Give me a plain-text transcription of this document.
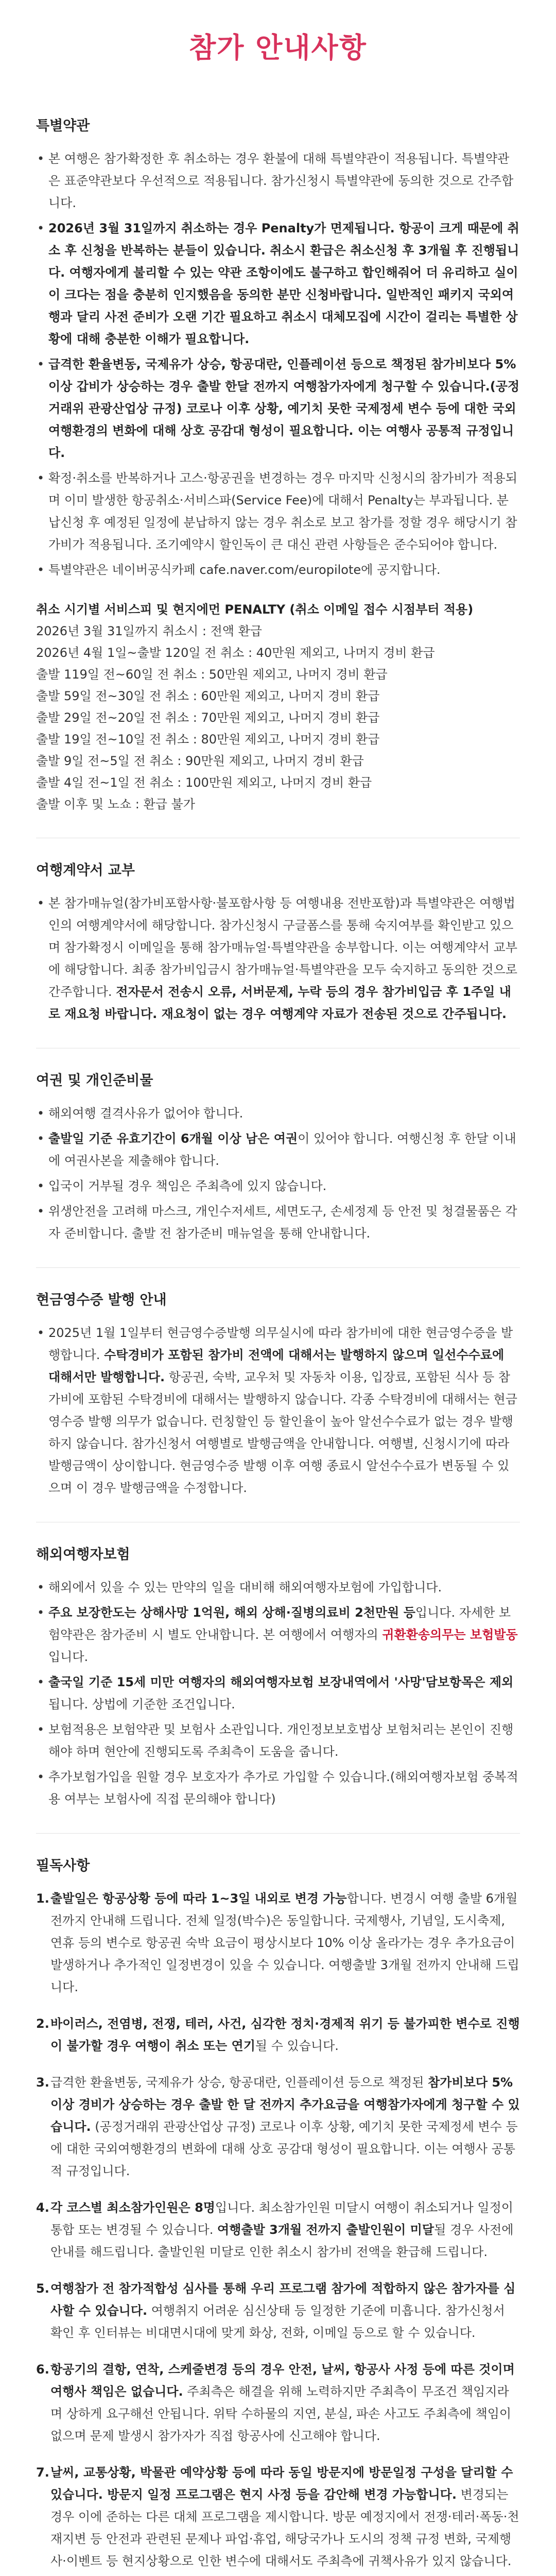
참가 안내사항
특별약관
• 본 여행은 참가확정한 후 취소하는 경우 환불에 대해 특별약관이 적용됩니다. 특별약관은 표준약관보다 우선적으로 적용됩니다. 참가신청시 특별약관에 동의한 것으로 간주합니다.
• 2026년 3월 31일까지 취소하는 경우 Penalty가 면제됩니다. 항공이 크게 때문에 취소 후 신청을 반복하는 분들이 있습니다. 취소시 환급은 취소신청 후 3개월 후 진행됩니다. 여행자에게 불리할 수 있는 약관 조항이에도 불구하고 합인해줘어 더 유리하고 실이이 크다는 점을 충분히 인지했음을 동의한 분만 신청바랍니다. 일반적인 패키지 국외여행과 달리 사전 준비가 오랜 기간 필요하고 취소시 대체모집에 시간이 걸리는 특별한 상황에 대해 충분한 이해가 필요합니다.
• 급격한 환율변동, 국제유가 상승, 항공대란, 인플레이션 등으로 책정된 참가비보다 5% 이상 갑비가 상승하는 경우 출발 한달 전까지 여행참가자에게 청구할 수 있습니다.(공정거래위 관광산업상 규정) 코로나 이후 상황, 예기치 못한 국제정세 변수 등에 대한 국외여행환경의 변화에 대해 상호 공감대 형성이 필요합니다. 이는 여행사 공통적 규정입니다.
• 확정·취소를 반복하거나 고스·항공권을 변경하는 경우 마지막 신청시의 참가비가 적용되며 이미 발생한 항공취소·서비스파(Service Fee)에 대해서 Penalty는 부과됩니다. 분납신청 후 예정된 일정에 분납하지 않는 경우 취소로 보고 참가를 정할 경우 해당시기 참가비가 적용됩니다. 조기예약시 할인독이 큰 대신 관련 사항들은 준수되어야 합니다.
• 특별약관은 네이버공식카페 cafe.naver.com/europilote에 공지합니다.

취소 시기별 서비스피 및 현지에먼 PENALTY (취소 이메일 접수 시점부터 적용)

2026년 3월 31일까지 취소시 : 전액 환급

2026년 4월 1일~출발 120일 전 취소 : 40만원 제외고, 나머지 경비 환급

출발 119일 전~60일 전 취소 : 50만원 제외고, 나머지 경비 환급

출발 59일 전~30일 전 취소 : 60만원 제외고, 나머지 경비 환급

출발 29일 전~20일 전 취소 : 70만원 제외고, 나머지 경비 환급

출발 19일 전~10일 전 취소 : 80만원 제외고, 나머지 경비 환급

출발 9일 전~5일 전 취소 : 90만원 제외고, 나머지 경비 환급

출발 4일 전~1일 전 취소 : 100만원 제외고, 나머지 경비 환급

출발 이후 및 노쇼 : 환급 불가

여행계약서 교부
• 본 참가매뉴얼(참가비포함사항·불포함사항 등 여행내용 전반포함)과 특별약관은 여행법인의 여행계약서에 해당합니다. 참가신청시 구글폼스를 통해 숙지여부를 확인받고 있으며 참가확정시 이메일을 통해 참가매뉴얼·특별약관을 송부합니다. 이는 여행계약서 교부에 해당합니다. 최종 참가비입금시 참가매뉴얼·특별약관을 모두 숙지하고 동의한 것으로 간주합니다. 전자문서 전송시 오류, 서버문제, 누락 등의 경우 참가비입금 후 1주일 내로 재요청 바랍니다. 재요청이 없는 경우 여행계약 자료가 전송된 것으로 간주됩니다.
여권 및 개인준비물
• 해외여행 결격사유가 없어야 합니다.
• 출발일 기준 유효기간이 6개월 이상 남은 여권이 있어야 합니다. 여행신청 후 한달 이내에 여권사본을 제출해야 합니다.
• 입국이 거부될 경우 책임은 주최측에 있지 않습니다.
• 위생안전을 고려해 마스크, 개인수저세트, 세면도구, 손세정제 등 안전 및 청결물품은 각자 준비합니다. 출발 전 참가준비 매뉴얼을 통해 안내합니다.
현금영수증 발행 안내
• 2025년 1월 1일부터 현금영수증발행 의무실시에 따라 참가비에 대한 현금영수증을 발행합니다. 수탁경비가 포함된 참가비 전액에 대해서는 발행하지 않으며 일선수수료에 대해서만 발행합니다. 항공권, 숙박, 교우처 및 자동차 이용, 입장료, 포함된 식사 등 참가비에 포함된 수탁경비에 대해서는 발행하지 않습니다. 각종 수탁경비에 대해서는 현금영수증 발행 의무가 없습니다. 런칭할인 등 할인율이 높아 알선수수료가 없는 경우 발행하지 않습니다. 참가신청서 여행별로 발행금액을 안내합니다. 여행별, 신청시기에 따라 발행금액이 상이합니다. 현금영수증 발행 이후 여행 종료시 알선수수료가 변동될 수 있으며 이 경우 발행금액을 수정합니다.
해외여행자보험
• 해외에서 있을 수 있는 만약의 일을 대비해 해외여행자보험에 가입합니다.
• 주요 보장한도는 상해사망 1억원, 해외 상해·질병의료비 2천만원 등입니다. 자세한 보험약관은 참가준비 시 별도 안내합니다. 본 여행에서 여행자의 귀환환송의무는 보험발동입니다.
• 출국일 기준 15세 미만 여행자의 해외여행자보험 보장내역에서 '사망'담보항목은 제외됩니다. 상법에 기준한 조건입니다.
• 보험적용은 보험약관 및 보험사 소관입니다. 개인정보보호법상 보험처리는 본인이 진행해야 하며 현안에 진행되도록 주최측이 도움을 줍니다.
• 추가보험가입을 원할 경우 보호자가 추가로 가입할 수 있습니다.(해외여행자보험 중복적용 여부는 보험사에 직접 문의해야 합니다)
필독사항
1. 출발일은 항공상황 등에 따라 1~3일 내외로 변경 가능합니다. 변경시 여행 출발 6개월 전까지 안내해 드립니다. 전체 일정(박수)은 동일합니다. 국제행사, 기념일, 도시축제, 연휴 등의 변수로 항공권 숙박 요금이 평상시보다 10% 이상 올라가는 경우 추가요금이 발생하거나 추가적인 일정변경이 있을 수 있습니다. 여행출발 3개월 전까지 안내해 드립니다.
2. 바이러스, 전염병, 전쟁, 테러, 사건, 심각한 정치·경제적 위기 등 불가피한 변수로 진행이 불가할 경우 여행이 취소 또는 연기될 수 있습니다.
3. 급격한 환율변동, 국제유가 상승, 항공대란, 인플레이션 등으로 책정된 참가비보다 5% 이상 경비가 상승하는 경우 출발 한 달 전까지 추가요금을 여행참가자에게 청구할 수 있습니다. (공정거래위 관광산업상 규정) 코로나 이후 상황, 예기치 못한 국제정세 변수 등에 대한 국외여행환경의 변화에 대해 상호 공감대 형성이 필요합니다. 이는 여행사 공통적 규정입니다.
4. 각 코스별 최소참가인원은 8명입니다. 최소참가인원 미달시 여행이 취소되거나 일정이 통합 또는 변경될 수 있습니다. 여행출발 3개월 전까지 출발인원이 미달될 경우 사전에 안내를 해드립니다. 출발인원 미달로 인한 취소시 참가비 전액을 환급해 드립니다.
5. 여행참가 전 참가적합성 심사를 통해 우리 프로그램 참가에 적합하지 않은 참가자를 심사할 수 있습니다. 여행취지 어려운 심신상태 등 일정한 기준에 미흡니다. 참가신청서 확인 후 인터뷰는 비대면시대에 맞게 화상, 전화, 이메일 등으로 할 수 있습니다.
6. 항공기의 결항, 연착, 스케줄변경 등의 경우 안전, 날씨, 항공사 사정 등에 따른 것이며 여행사 책임은 없습니다. 주최측은 해결을 위해 노력하지만 주최측이 무조건 책임지라며 상하게 요구해선 안됩니다. 위탁 수하물의 지연, 분실, 파손 사고도 주최측에 책임이 없으며 문제 발생시 참가자가 직접 항공사에 신고해야 합니다.
7. 날씨, 교통상황, 박물관 예약상황 등에 따라 동일 방문지에 방문일정 구성을 달리할 수 있습니다. 방문지 일정 프로그램은 현지 사정 등을 감안해 변경 가능합니다. 변경되는 경우 이에 준하는 다른 대체 프로그램을 제시합니다. 방문 예정지에서 전쟁·테러·폭동·천재지변 등 안전과 관련된 문제나 파업·휴업, 해당국가나 도시의 정책 규정 변화, 국제행사·이벤트 등 현지상황으로 인한 변수에 대해서도 주최측에 귀책사유가 있지 않습니다.
